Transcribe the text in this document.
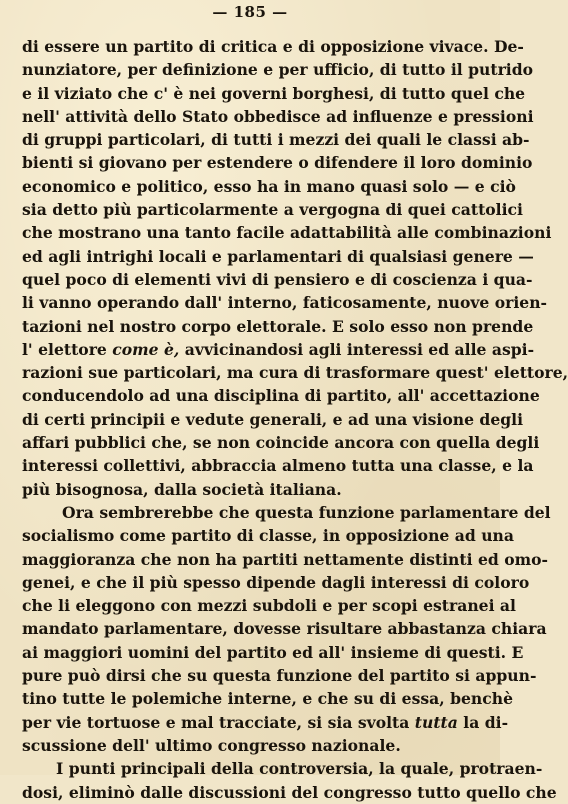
— 185 —
di essere un partito di critica e di opposizione vivace. De-
nunziatore, per definizione e per ufficio, di tutto il putrido
e il viziato che c' è nei governi borghesi, di tutto quel che
nell' attività dello Stato obbedisce ad influenze e pressioni
di gruppi particolari, di tutti i mezzi dei quali le classi ab-
bienti si giovano per estendere o difendere il loro dominio
economico e politico, esso ha in mano quasi solo — e ciò
sia detto più particolarmente a vergogna di quei cattolici
che mostrano una tanto facile adattabilità alle combinazioni
ed agli intrighi locali e parlamentari di qualsiasi genere —
quel poco di elementi vivi di pensiero e di coscienza i qua-
li vanno operando dall' interno, faticosamente, nuove orien-
tazioni nel nostro corpo elettorale. E solo esso non prende
l' elettore come è, avvicinandosi agli interessi ed alle aspi-
razioni sue particolari, ma cura di trasformare quest' elettore,
conducendolo ad una disciplina di partito, all' accettazione
di certi principii e vedute generali, e ad una visione degli
affari pubblici che, se non coincide ancora con quella degli
interessi collettivi, abbraccia almeno tutta una classe, e la
più bisognosa, dalla società italiana.
Ora sembrerebbe che questa funzione parlamentare del
socialismo come partito di classe, in opposizione ad una
maggioranza che non ha partiti nettamente distinti ed omo-
genei, e che il più spesso dipende dagli interessi di coloro
che li eleggono con mezzi subdoli e per scopi estranei al
mandato parlamentare, dovesse risultare abbastanza chiara
ai maggiori uomini del partito ed all' insieme di questi. E
pure può dirsi che su questa funzione del partito si appun-
tino tutte le polemiche interne, e che su di essa, benchè
per vie tortuose e mal tracciate, si sia svolta tutta la di-
scussione dell' ultimo congresso nazionale.
I punti principali della controversia, la quale, protraen-
dosi, eliminò dalle discussioni del congresso tutto quello che
